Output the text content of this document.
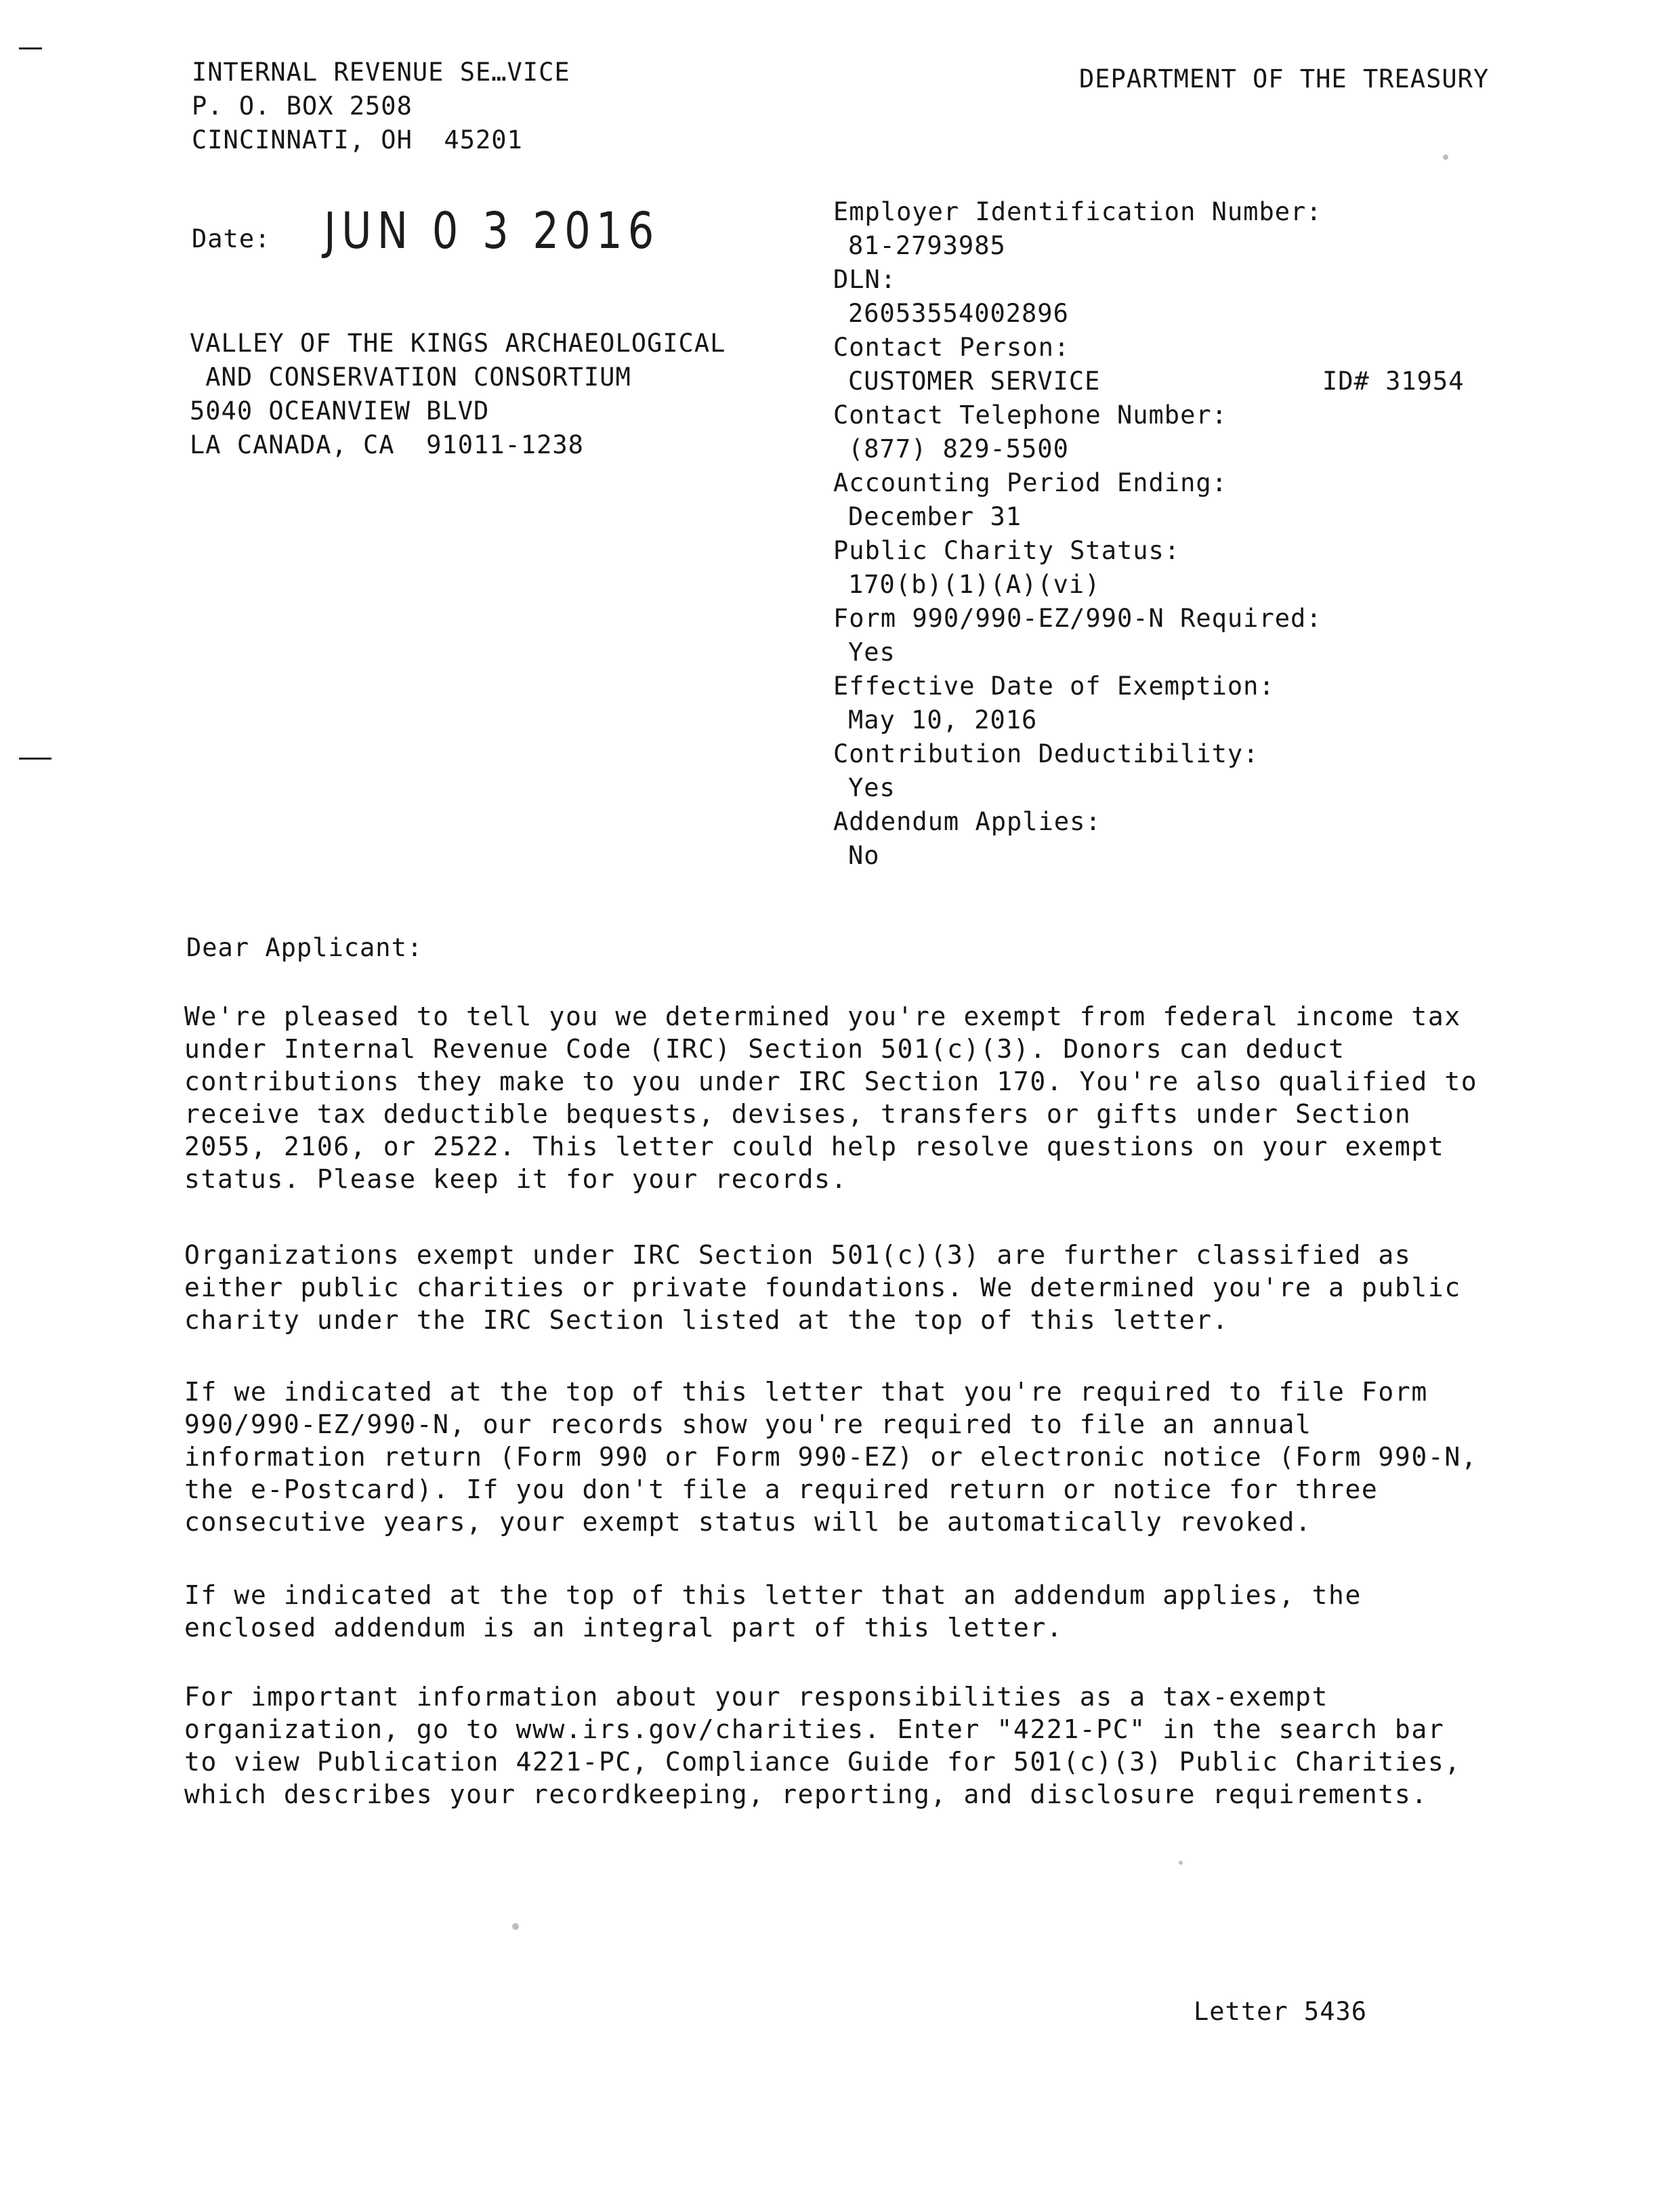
INTERNAL REVENUE SE…VICE
P. O. BOX 2508
CINCINNATI, OH  45201
DEPARTMENT OF THE TREASURY
Date: JUN 0 3 2016
VALLEY OF THE KINGS ARCHAEOLOGICAL
AND CONSERVATION CONSORTIUM
5040 OCEANVIEW BLVD
LA CANADA, CA  91011-1238
Employer Identification Number:
81-2793985
DLN:
26053554002896
Contact Person:
CUSTOMER SERVICE
Contact Telephone Number:
(877) 829-5500
Accounting Period Ending:
December 31
Public Charity Status:
170(b)(1)(A)(vi)
Form 990/990-EZ/990-N Required:
Yes
Effective Date of Exemption:
May 10, 2016
Contribution Deductibility:
Yes
Addendum Applies:
No
ID# 31954
Dear Applicant:
We're pleased to tell you we determined you're exempt from federal income tax
under Internal Revenue Code (IRC) Section 501(c)(3). Donors can deduct
contributions they make to you under IRC Section 170. You're also qualified to
receive tax deductible bequests, devises, transfers or gifts under Section
2055, 2106, or 2522. This letter could help resolve questions on your exempt
status. Please keep it for your records.
Organizations exempt under IRC Section 501(c)(3) are further classified as
either public charities or private foundations. We determined you're a public
charity under the IRC Section listed at the top of this letter.
If we indicated at the top of this letter that you're required to file Form
990/990-EZ/990-N, our records show you're required to file an annual
information return (Form 990 or Form 990-EZ) or electronic notice (Form 990-N,
the e-Postcard). If you don't file a required return or notice for three
consecutive years, your exempt status will be automatically revoked.
If we indicated at the top of this letter that an addendum applies, the
enclosed addendum is an integral part of this letter.
For important information about your responsibilities as a tax-exempt
organization, go to www.irs.gov/charities. Enter "4221-PC" in the search bar
to view Publication 4221-PC, Compliance Guide for 501(c)(3) Public Charities,
which describes your recordkeeping, reporting, and disclosure requirements.
Letter 5436
